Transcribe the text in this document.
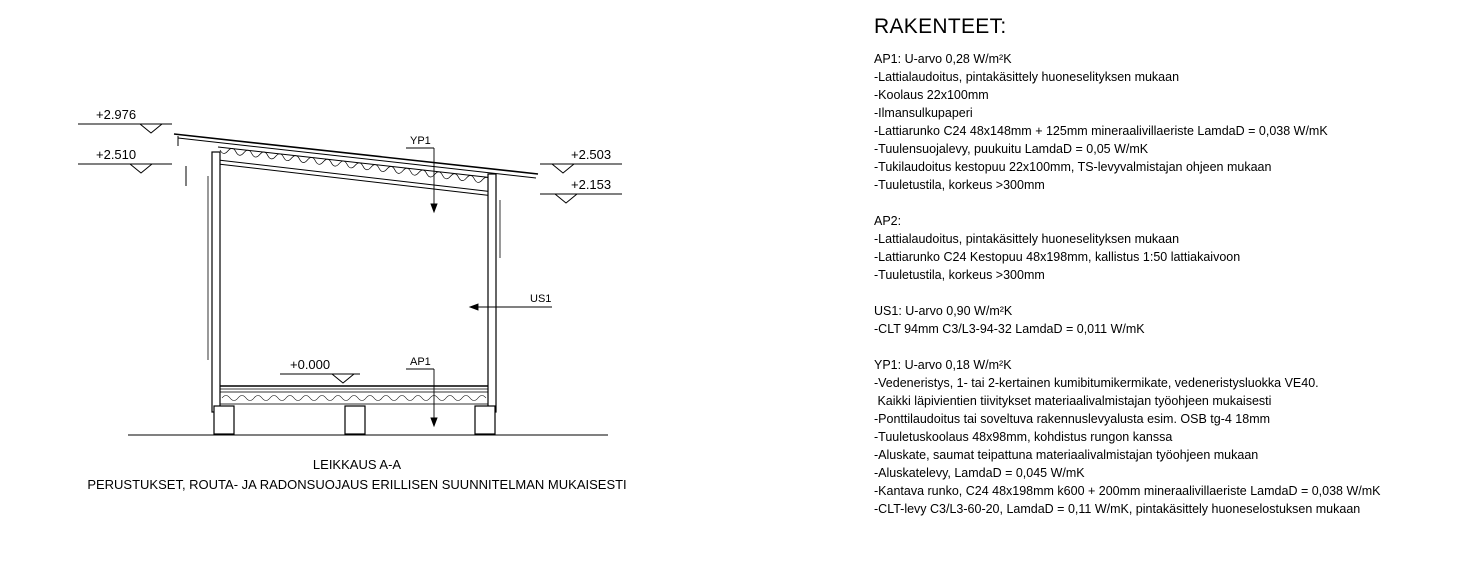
+2.976
+2.510	+2.503
+2.153
+0.000
YP1
US1
AP1
LEIKKAUS A-A
PERUSTUKSET, ROUTA- JA RADONSUOJAUS ERILLISEN SUUNNITELMAN MUKAISESTI
RAKENTEET:
AP1: U-arvo 0,28 W/m²K
-Lattialaudoitus, pintakäsittely huoneselityksen mukaan
-Koolaus 22x100mm
-Ilmansulkupaperi
-Lattiarunko C24 48x148mm + 125mm mineraalivillaeriste LamdaD = 0,038 W/mK
-Tuulensuojalevy, puukuitu LamdaD = 0,05 W/mK
-Tukilaudoitus kestopuu 22x100mm, TS-levyvalmistajan ohjeen mukaan
-Tuuletustila, korkeus >300mm
AP2:
-Lattialaudoitus, pintakäsittely huoneselityksen mukaan
-Lattiarunko C24 Kestopuu 48x198mm, kallistus 1:50 lattiakaivoon
-Tuuletustila, korkeus >300mm
US1: U-arvo 0,90 W/m²K
-CLT 94mm C3/L3-94-32 LamdaD = 0,011 W/mK
YP1: U-arvo 0,18 W/m²K
-Vedeneristys, 1- tai 2-kertainen kumibitumikermikate, vedeneristysluokka VE40.
Kaikki läpivientien tiivitykset materiaalivalmistajan työohjeen mukaisesti
-Ponttilaudoitus tai soveltuva rakennuslevyalusta esim. OSB tg-4 18mm
-Tuuletuskoolaus 48x98mm, kohdistus rungon kanssa
-Aluskate, saumat teipattuna materiaalivalmistajan työohjeen mukaan
-Aluskatelevy, LamdaD = 0,045 W/mK
-Kantava runko, C24 48x198mm k600 + 200mm mineraalivillaeriste LamdaD = 0,038 W/mK
-CLT-levy C3/L3-60-20, LamdaD = 0,11 W/mK, pintakäsittely huoneselostuksen mukaan
